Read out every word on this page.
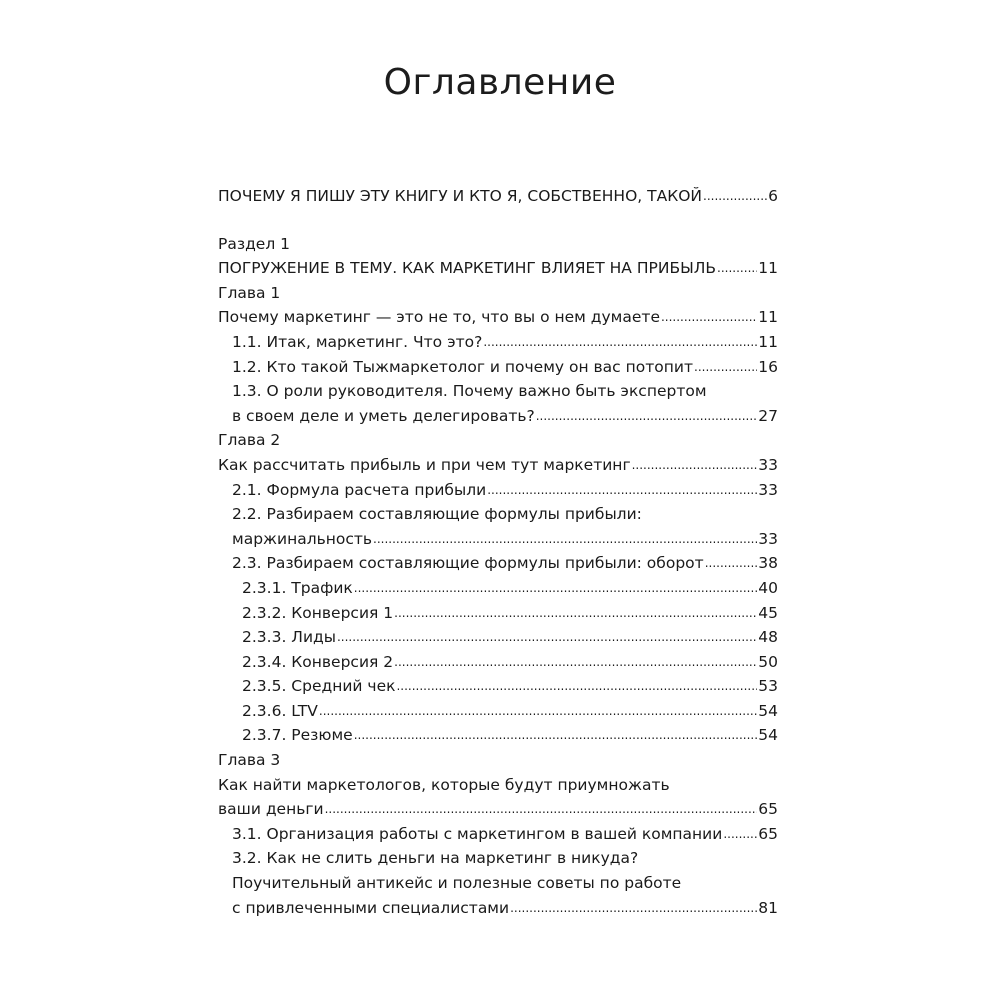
Оглавление
ПОЧЕМУ Я ПИШУ ЭТУ КНИГУ И КТО Я, СОБСТВЕННО, ТАКОЙ .....	6
Раздел 1
ПОГРУЖЕНИЕ В ТЕМУ. КАК МАРКЕТИНГ ВЛИЯЕТ НА ПРИБЫЛЬ .....	11
Глава 1
Почему маркетинг — это не то, что вы о нем думаете .....	11
1.1. Итак, маркетинг. Что это? .....	11
1.2. Кто такой Тыжмаркетолог и почему он вас потопит .....	16
1.3. О роли руководителя. Почему важно быть экспертом
в своем деле и уметь делегировать? .....	27
Глава 2
Как рассчитать прибыль и при чем тут маркетинг .....	33
2.1. Формула расчета прибыли .....	33
2.2. Разбираем составляющие формулы прибыли:
маржинальность .....	33
2.3. Разбираем составляющие формулы прибыли: оборот .....	38
2.3.1. Трафик .....	40
2.3.2. Конверсия 1 .....	45
2.3.3. Лиды .....	48
2.3.4. Конверсия 2 .....	50
2.3.5. Средний чек .....	53
2.3.6. LTV .....	54
2.3.7. Резюме .....	54
Глава 3
Как найти маркетологов, которые будут приумножать
ваши деньги .....	65
3.1. Организация работы с маркетингом в вашей компании ..... 65
3.2. Как не слить деньги на маркетинг в никуда?
Поучительный антикейс и полезные советы по работе
с привлеченными специалистами .....	81
